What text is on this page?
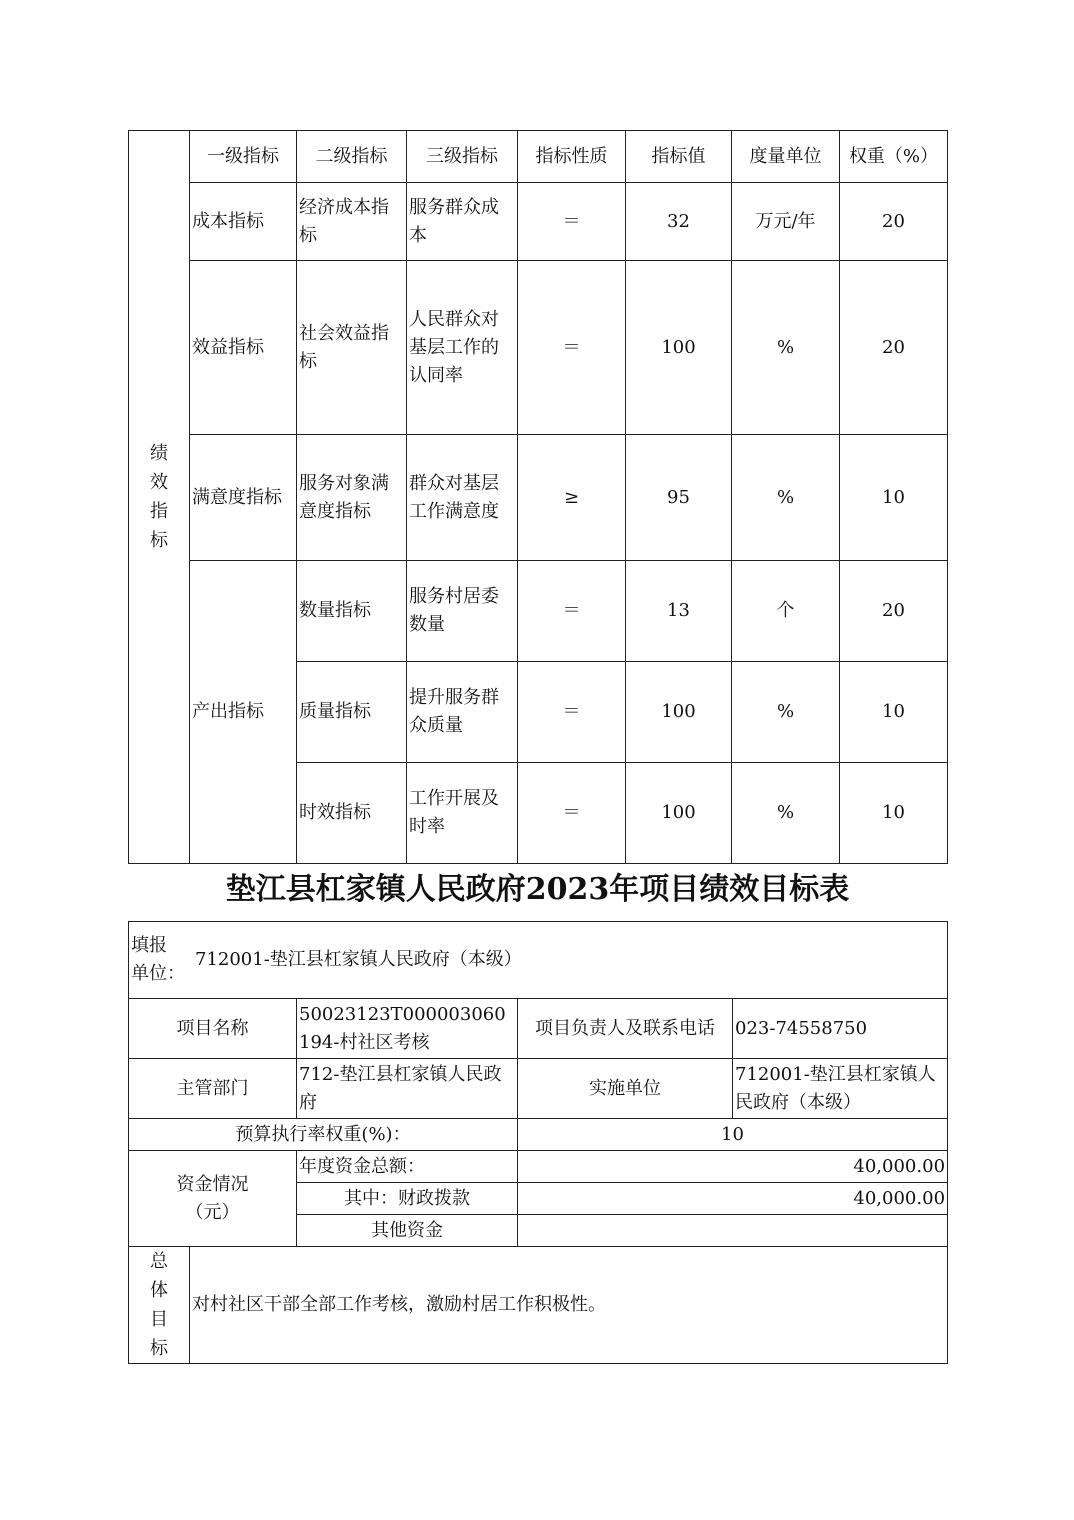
绩
效
指
标	一级指标	二级指标	三级指标	指标性质	指标值	度量单位	权重（%）
	成本指标	经济成本指标	服务群众成本	＝	32	万元/年	20
	效益指标	社会效益指标	人民群众对基层工作的认同率	＝	100	%	20
	满意度指标	服务对象满意度指标	群众对基层工作满意度	≥	95	%	10
	产出指标	数量指标	服务村居委数量	＝	13	个	20
		质量指标	提升服务群众质量	＝	100	%	10
		时效指标	工作开展及时率	＝	100	%	10
垫江县杠家镇人民政府2023年项目绩效目标表
填报
单位：712001-垫江县杠家镇人民政府（本级）				
项目名称		50023123T000003060194-村社区考核	项目负责人及联系电话	023-74558750
主管部门		712-垫江县杠家镇人民政府	实施单位	712001-垫江县杠家镇人民政府（本级）
预算执行率权重(%)：			10	
资金情况
（元）		年度资金总额：	40,000.00	
		其中：财政拨款	40,000.00	
		其他资金		
总
体
目
标	对村社区干部全部工作考核，激励村居工作积极性。			
